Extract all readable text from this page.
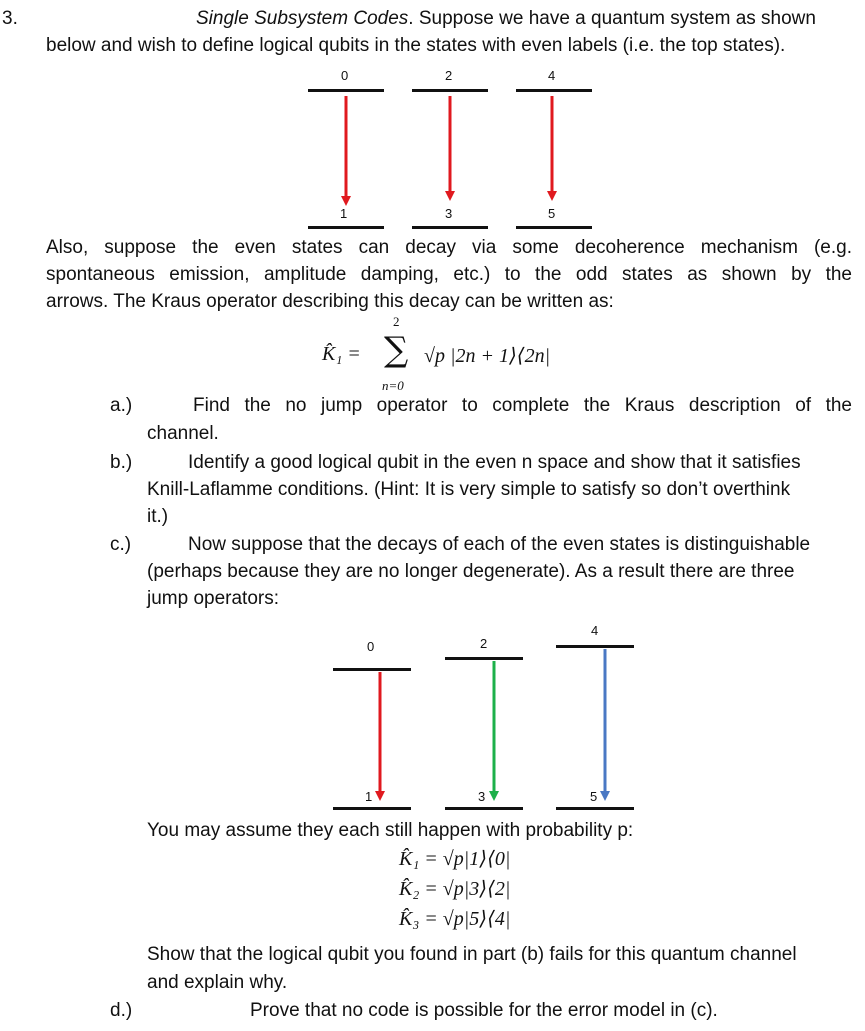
3.	Single Subsystem Codes. Suppose we have a quantum system as shown
below and wish to define logical qubits in the states with even labels (i.e. the top states).
0	2	4
1	3	5
Also, suppose the even states can decay via some decoherence mechanism (e.g.
spontaneous emission, amplitude damping, etc.) to the odd states as shown by the
arrows. The Kraus operator describing this decay can be written as:
K̂₁ =
2
∑ √p |2n + 1⟩⟨2n|
n=0
a.)	Find the no jump operator to complete the Kraus description of the
channel.
b.)	Identify a good logical qubit in the even n space and show that it satisfies
Knill-Laflamme conditions. (Hint: It is very simple to satisfy so don’t overthink
it.)
c.)	Now suppose that the decays of each of the even states is distinguishable
(perhaps because they are no longer degenerate). As a result there are three
jump operators:
0	2
4
1	3	5
You may assume they each still happen with probability p:
K̂₁ = √p|1⟩⟨0|
K̂₂ = √p|3⟩⟨2|
K̂₃ = √p|5⟩⟨4|
Show that the logical qubit you found in part (b) fails for this quantum channel
and explain why.
d.)	Prove that no code is possible for the error model in (c).
